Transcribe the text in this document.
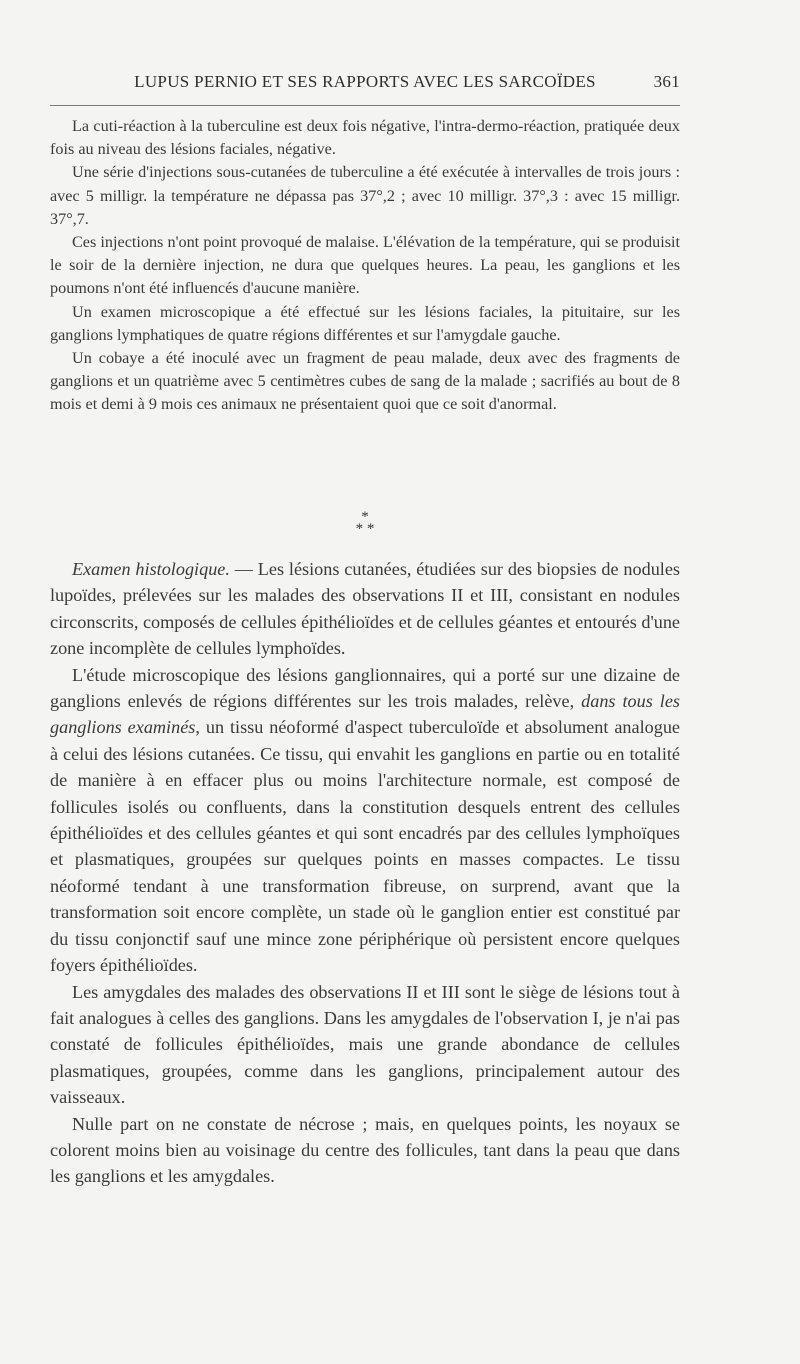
LUPUS PERNIO ET SES RAPPORTS AVEC LES SARCOÏDES	361

La cuti-réaction à la tuberculine est deux fois négative, l'intra-dermo-réaction, pratiquée deux fois au niveau des lésions faciales, négative.

Une série d'injections sous-cutanées de tuberculine a été exécutée à intervalles de trois jours : avec 5 milligr. la température ne dépassa pas 37°,2 ; avec 10 milligr. 37°,3 : avec 15 milligr. 37°,7.

Ces injections n'ont point provoqué de malaise. L'élévation de la température, qui se produisit le soir de la dernière injection, ne dura que quelques heures. La peau, les ganglions et les poumons n'ont été influencés d'aucune manière.

Un examen microscopique a été effectué sur les lésions faciales, la pituitaire, sur les ganglions lymphatiques de quatre régions différentes et sur l'amygdale gauche.

Un cobaye a été inoculé avec un fragment de peau malade, deux avec des fragments de ganglions et un quatrième avec 5 centimètres cubes de sang de la malade ; sacrifiés au bout de 8 mois et demi à 9 mois ces animaux ne présentaient quoi que ce soit d'anormal.

*
* *

Examen histologique. — Les lésions cutanées, étudiées sur des biopsies de nodules lupoïdes, prélevées sur les malades des observations II et III, consistant en nodules circonscrits, composés de cellules épithélioïdes et de cellules géantes et entourés d'une zone incomplète de cellules lymphoïdes.

L'étude microscopique des lésions ganglionnaires, qui a porté sur une dizaine de ganglions enlevés de régions différentes sur les trois malades, relève, dans tous les ganglions examinés, un tissu néoformé d'aspect tuberculoïde et absolument analogue à celui des lésions cutanées. Ce tissu, qui envahit les ganglions en partie ou en totalité de manière à en effacer plus ou moins l'architecture normale, est composé de follicules isolés ou confluents, dans la constitution desquels entrent des cellules épithélioïdes et des cellules géantes et qui sont encadrés par des cellules lymphoïques et plasmatiques, groupées sur quelques points en masses compactes. Le tissu néoformé tendant à une transformation fibreuse, on surprend, avant que la transformation soit encore complète, un stade où le ganglion entier est constitué par du tissu conjonctif sauf une mince zone périphérique où persistent encore quelques foyers épithélioïdes.

Les amygdales des malades des observations II et III sont le siège de lésions tout à fait analogues à celles des ganglions. Dans les amygdales de l'observation I, je n'ai pas constaté de follicules épithélioïdes, mais une grande abondance de cellules plasmatiques, groupées, comme dans les ganglions, principalement autour des vaisseaux.

Nulle part on ne constate de nécrose ; mais, en quelques points, les noyaux se colorent moins bien au voisinage du centre des follicules, tant dans la peau que dans les ganglions et les amygdales.
